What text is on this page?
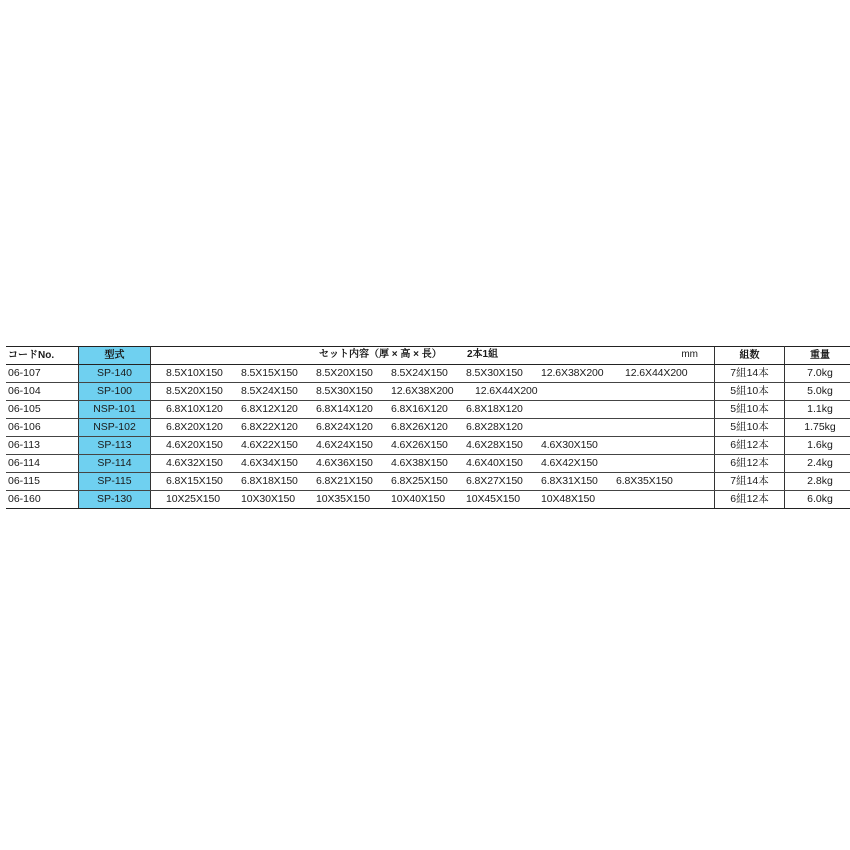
コードNo.	型式	セット内容（厚 × 高 × 長） 2本1組 mm	組数	重量
06-107	SP-140	8.5X10X150 8.5X15X150 8.5X20X150 8.5X24X150 8.5X30X150 12.6X38X200 12.6X44X200	7組14本	7.0kg
06-104	SP-100	8.5X20X150 8.5X24X150 8.5X30X150 12.6X38X200 12.6X44X200	5組10本	5.0kg
06-105	NSP-101	6.8X10X120 6.8X12X120 6.8X14X120 6.8X16X120 6.8X18X120	5組10本	1.1kg
06-106	NSP-102	6.8X20X120 6.8X22X120 6.8X24X120 6.8X26X120 6.8X28X120	5組10本	1.75kg
06-113	SP-113	4.6X20X150 4.6X22X150 4.6X24X150 4.6X26X150 4.6X28X150 4.6X30X150	6組12本	1.6kg
06-114	SP-114	4.6X32X150 4.6X34X150 4.6X36X150 4.6X38X150 4.6X40X150 4.6X42X150	6組12本	2.4kg
06-115	SP-115	6.8X15X150 6.8X18X150 6.8X21X150 6.8X25X150 6.8X27X150 6.8X31X150 6.8X35X150	7組14本	2.8kg
06-160	SP-130	10X25X150 10X30X150 10X35X150 10X40X150 10X45X150 10X48X150	6組12本	6.0kg
